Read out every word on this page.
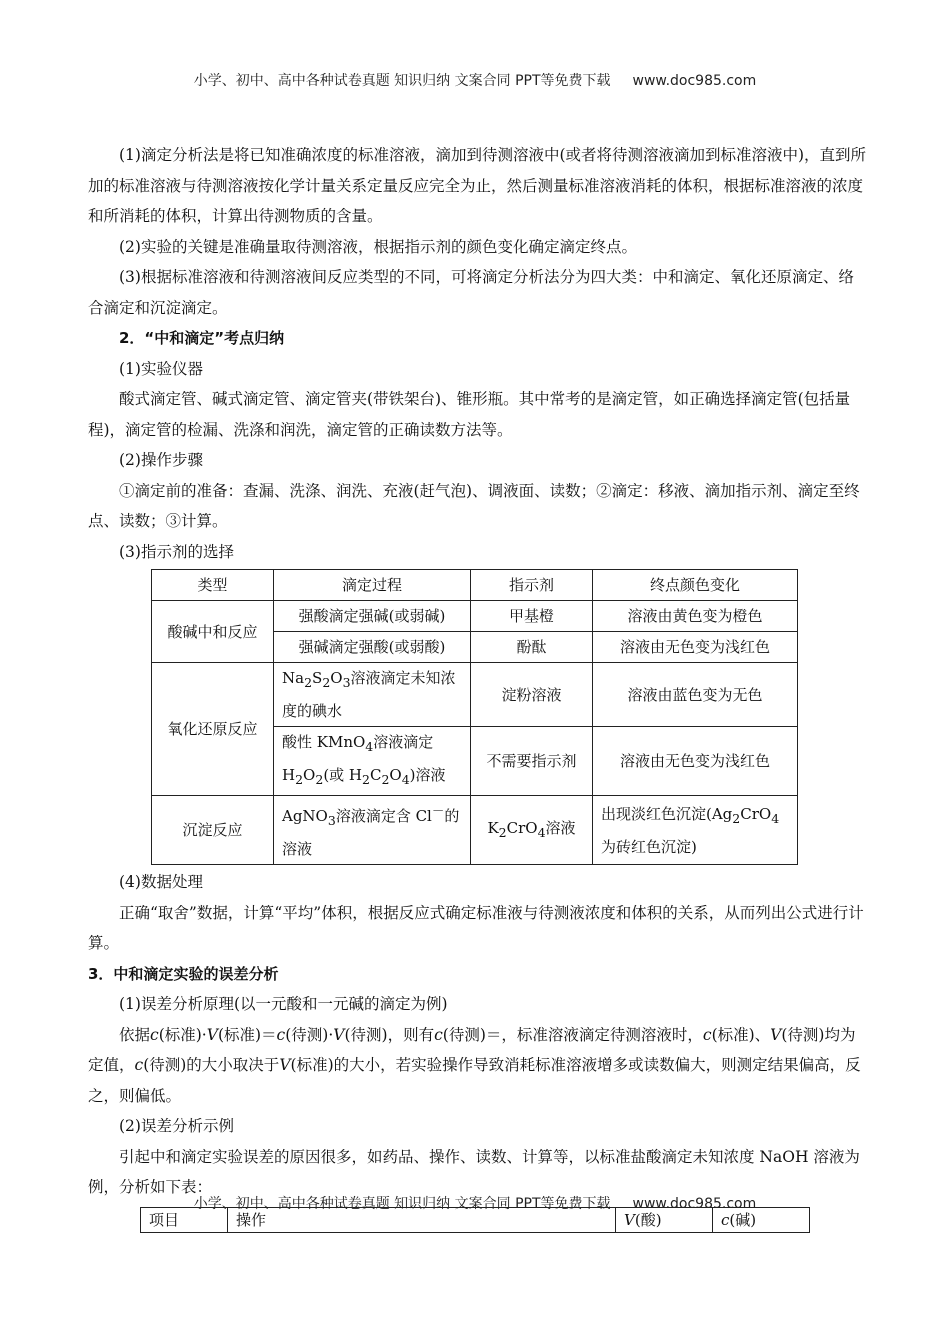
小学、初中、高中各种试卷真题 知识归纳 文案合同 PPT等免费下载 www.doc985.com

(1)滴定分析法是将已知准确浓度的标准溶液，滴加到待测溶液中(或者将待测溶液滴加到标准溶液中)，直到所加的标准溶液与待测溶液按化学计量关系定量反应完全为止，然后测量标准溶液消耗的体积，根据标准溶液的浓度和所消耗的体积，计算出待测物质的含量。

(2)实验的关键是准确量取待测溶液，根据指示剂的颜色变化确定滴定终点。

(3)根据标准溶液和待测溶液间反应类型的不同，可将滴定分析法分为四大类：中和滴定、氧化还原滴定、络合滴定和沉淀滴定。

2．“中和滴定”考点归纳

(1)实验仪器

酸式滴定管、碱式滴定管、滴定管夹(带铁架台)、锥形瓶。其中常考的是滴定管，如正确选择滴定管(包括量程)，滴定管的检漏、洗涤和润洗，滴定管的正确读数方法等。

(2)操作步骤

①滴定前的准备：查漏、洗涤、润洗、充液(赶气泡)、调液面、读数；②滴定：移液、滴加指示剂、滴定至终点、读数；③计算。

(3)指示剂的选择

类型	滴定过程	指示剂	终点颜色变化
酸碱中和反应	强酸滴定强碱(或弱碱)	甲基橙	溶液由黄色变为橙色
	强碱滴定强酸(或弱酸)	酚酞	溶液由无色变为浅红色
氧化还原反应	$Na_2S_2O_3$溶液滴定未知浓度的碘水	淀粉溶液	溶液由蓝色变为无色
	酸性 KMnO$_4$溶液滴定$H_2O_2$(或 $H_2C_2O_4$)溶液	不需要指示剂	溶液由无色变为浅红色
沉淀反应	AgNO$_3$溶液滴定含 Cl－的溶液	$K_2CrO_4$溶液	出现淡红色沉淀($Ag_2CrO_4$为砖红色沉淀)

(4)数据处理

正确“取舍”数据，计算“平均”体积，根据反应式确定标准液与待测液浓度和体积的关系，从而列出公式进行计算。

3．中和滴定实验的误差分析

(1)误差分析原理(以一元酸和一元碱的滴定为例)

依据c(标准)·V(标准)＝c(待测)·V(待测)，则有c(待测)＝，标准溶液滴定待测溶液时，c(标准)、V(待测)均为定值，c(待测)的大小取决于V(标准)的大小，若实验操作导致消耗标准溶液增多或读数偏大，则测定结果偏高，反之，则偏低。

(2)误差分析示例

引起中和滴定实验误差的原因很多，如药品、操作、读数、计算等，以标准盐酸滴定未知浓度 NaOH 溶液为例，分析如下表：

项目	操作	V(酸)	c(碱)
小学、初中、高中各种试卷真题 知识归纳 文案合同 PPT等免费下载 www.doc985.com
